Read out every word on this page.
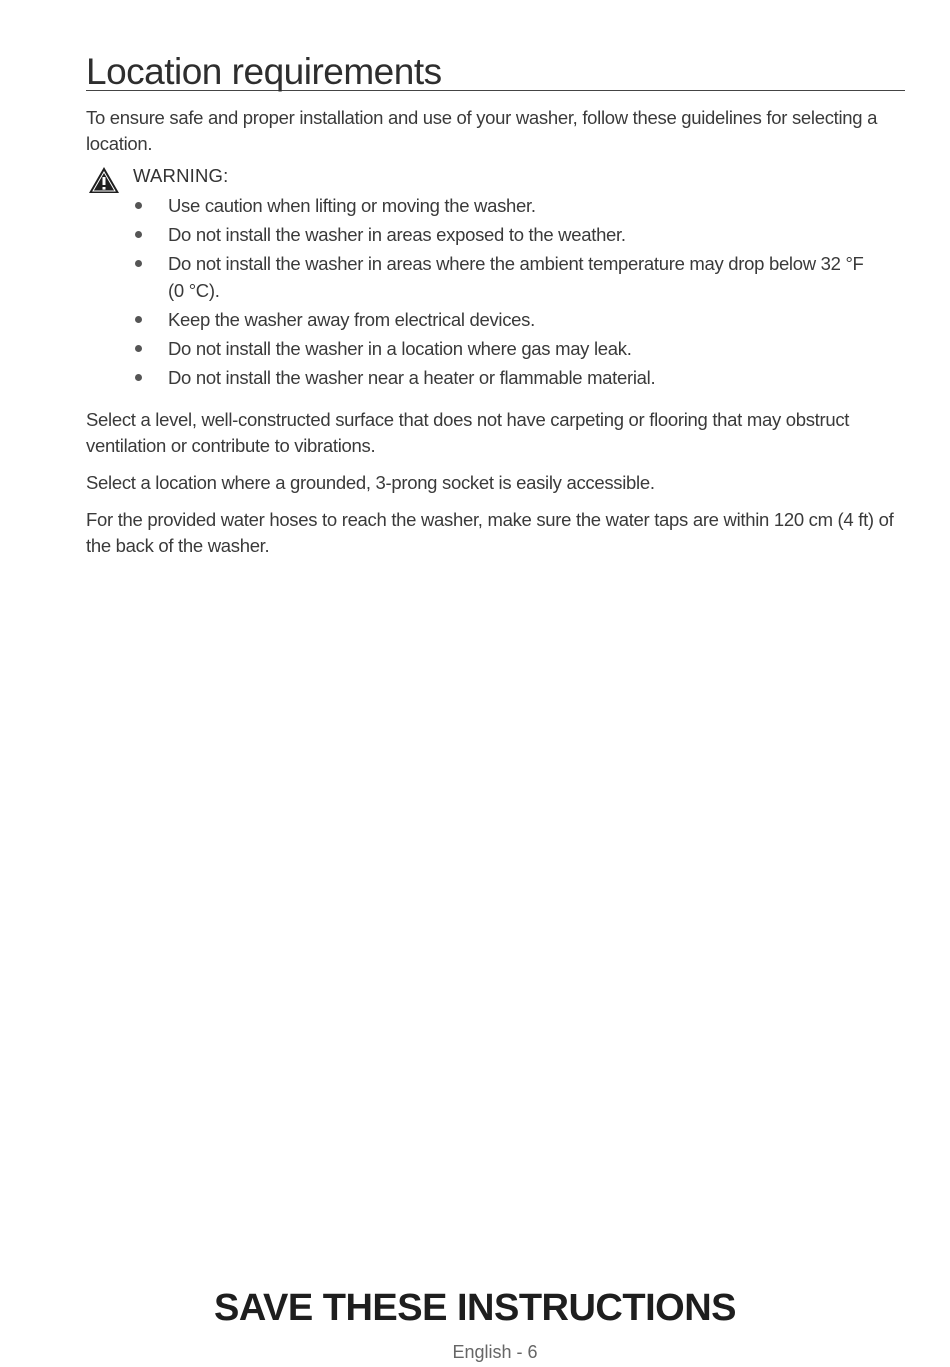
Location requirements
To ensure safe and proper installation and use of your washer, follow these guidelines for selecting a location.
WARNING:
Use caution when lifting or moving the washer.
Do not install the washer in areas exposed to the weather.
Do not install the washer in areas where the ambient temperature may drop below 32 °F (0 °C).
Keep the washer away from electrical devices.
Do not install the washer in a location where gas may leak.
Do not install the washer near a heater or flammable material.
Select a level, well-constructed surface that does not have carpeting or flooring that may obstruct ventilation or contribute to vibrations.
Select a location where a grounded, 3-prong socket is easily accessible.
For the provided water hoses to reach the washer, make sure the water taps are within 120 cm (4 ft) of the back of the washer.
SAVE THESE INSTRUCTIONS
English - 6
